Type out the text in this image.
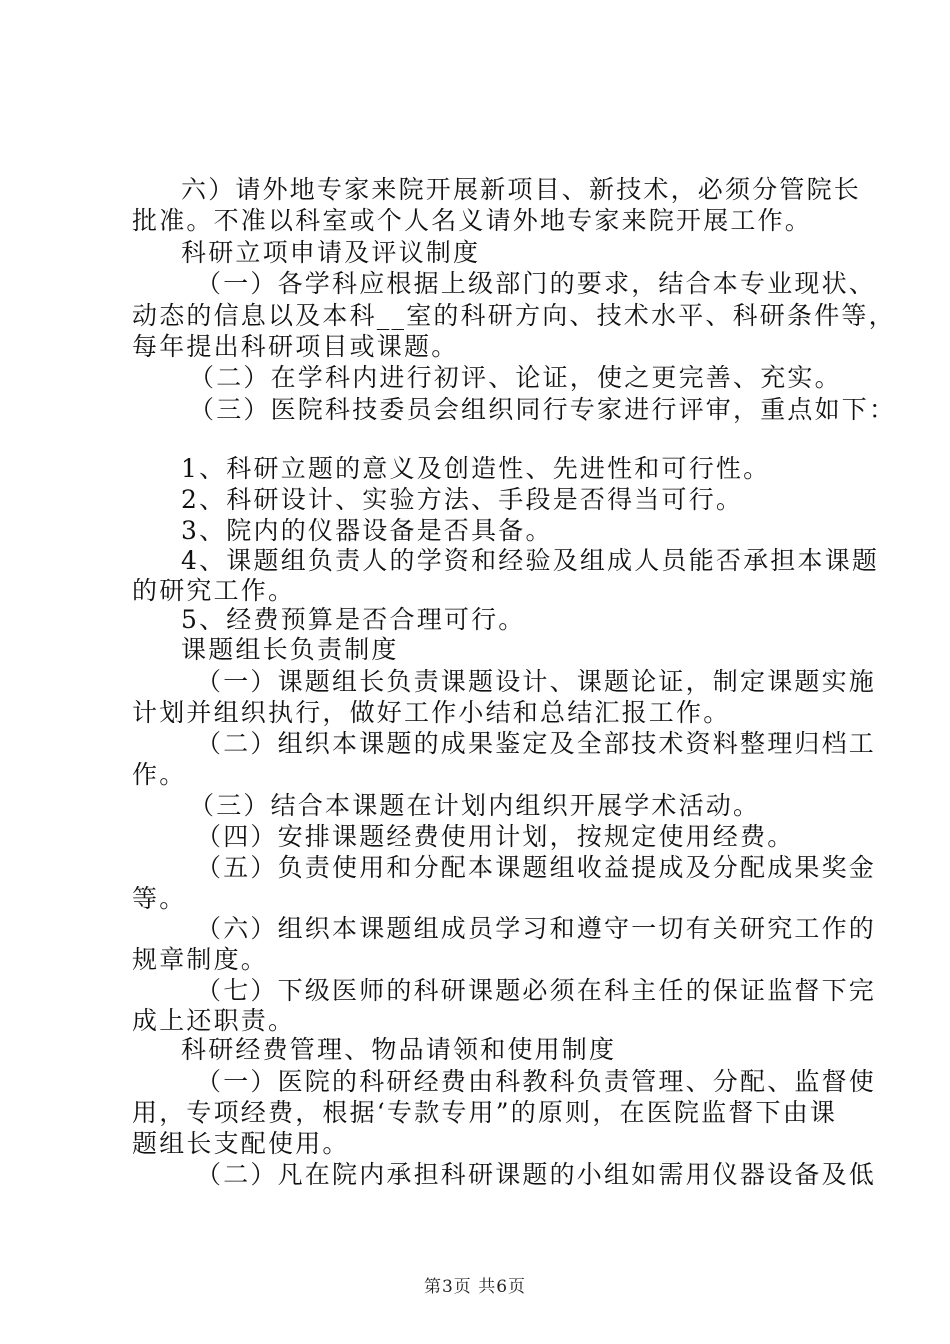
六）请外地专家来院开展新项目、新技术，必须分管院长
批准。不准以科室或个人名义请外地专家来院开展工作。
科研立项申请及评议制度
（一）各学科应根据上级部门的要求，结合本专业现状、
动态的信息以及本科__室的科研方向、技术水平、科研条件等，
每年提出科研项目或课题。
（二）在学科内进行初评、论证，使之更完善、充实。
（三）医院科技委员会组织同行专家进行评审，重点如下：
1、科研立题的意义及创造性、先进性和可行性。
2、科研设计、实验方法、手段是否得当可行。
3、院内的仪器设备是否具备。
4、课题组负责人的学资和经验及组成人员能否承担本课题
的研究工作。
5、经费预算是否合理可行。
课题组长负责制度
（一）课题组长负责课题设计、课题论证，制定课题实施
计划并组织执行，做好工作小结和总结汇报工作。
（二）组织本课题的成果鉴定及全部技术资料整理归档工
作。
（三）结合本课题在计划内组织开展学术活动。
（四）安排课题经费使用计划，按规定使用经费。
（五）负责使用和分配本课题组收益提成及分配成果奖金
等。
（六）组织本课题组成员学习和遵守一切有关研究工作的
规章制度。
（七）下级医师的科研课题必须在科主任的保证监督下完
成上还职责。
科研经费管理、物品请领和使用制度
（一）医院的科研经费由科教科负责管理、分配、监督使
用，专项经费，根据‘专款专用”的原则，在医院监督下由课
题组长支配使用。
（二）凡在院内承担科研课题的小组如需用仪器设备及低
第3页 共6页
